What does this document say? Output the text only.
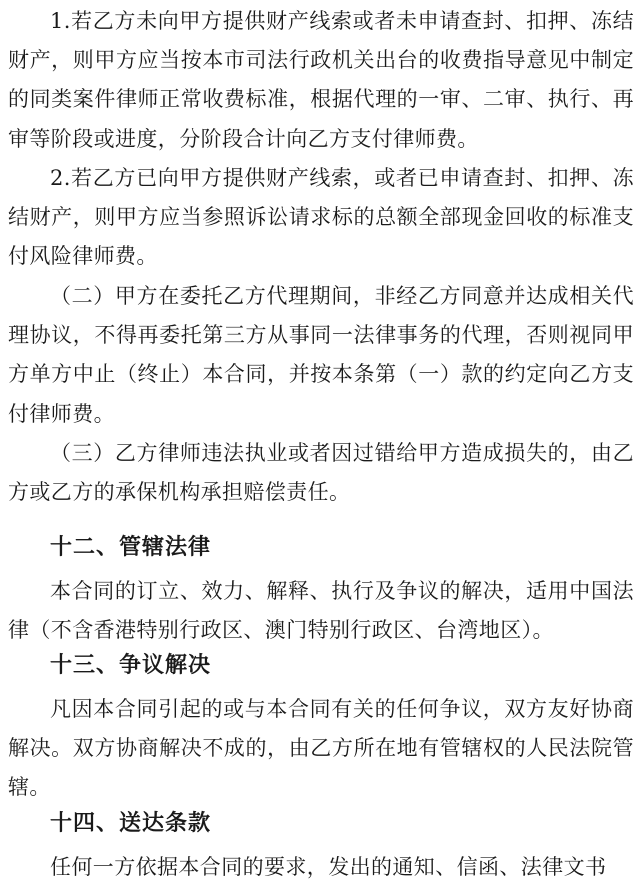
1.若乙方未向甲方提供财产线索或者未申请查封、扣押、冻结财产，则甲方应当按本市司法行政机关出台的收费指导意见中制定的同类案件律师正常收费标准，根据代理的一审、二审、执行、再审等阶段或进度，分阶段合计向乙方支付律师费。

2.若乙方已向甲方提供财产线索，或者已申请查封、扣押、冻结财产，则甲方应当参照诉讼请求标的总额全部现金回收的标准支付风险律师费。

（二）甲方在委托乙方代理期间，非经乙方同意并达成相关代理协议，不得再委托第三方从事同一法律事务的代理，否则视同甲方单方中止（终止）本合同，并按本条第（一）款的约定向乙方支付律师费。

（三）乙方律师违法执业或者因过错给甲方造成损失的，由乙方或乙方的承保机构承担赔偿责任。

十二、管辖法律

本合同的订立、效力、解释、执行及争议的解决，适用中国法律（不含香港特别行政区、澳门特别行政区、台湾地区）。

十三、争议解决

凡因本合同引起的或与本合同有关的任何争议，双方友好协商解决。双方协商解决不成的，由乙方所在地有管辖权的人民法院管辖。

十四、送达条款

任何一方依据本合同的要求，发出的通知、信函、法律文书
